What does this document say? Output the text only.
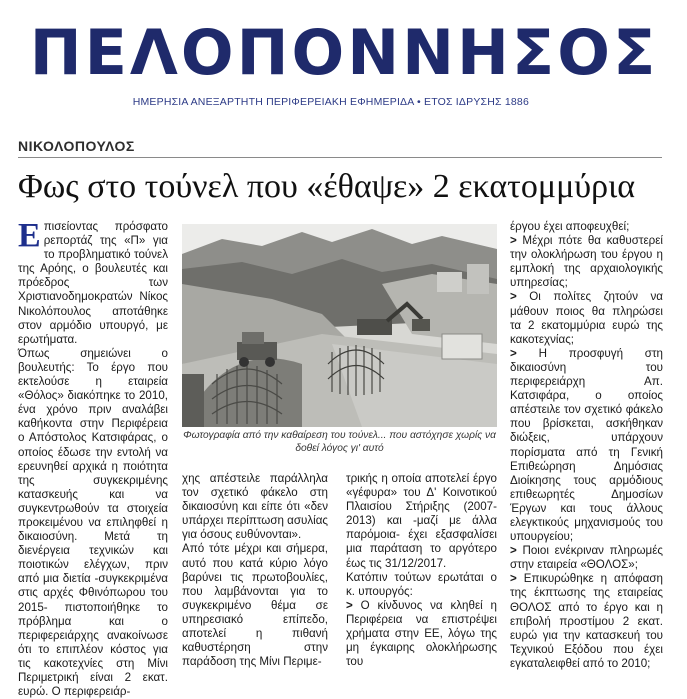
ΠΕΛΟΠΟΝΝΗΣΟΣ
ΗΜΕΡΗΣΙΑ ΑΝΕΞΑΡΤΗΤΗ ΠΕΡΙΦΕΡΕΙΑΚΗ ΕΦΗΜΕΡΙΔΑ • ΕΤΟΣ ΙΔΡΥΣΗΣ 1886
ΝΙΚΟΛΟΠΟΥΛΟΣ
Φως στο τούνελ που «έθαψε» 2 εκατομμύρια

Επισείοντας πρόσφατο ρεπορτάζ της «Π» για το προβληματικό τούνελ της Αρόης, ο βουλευτές και πρόεδρος των Χριστιανοδημοκρατών Νίκος Νικολόπουλος αποτάθηκε στον αρμόδιο υπουργό, με ερωτήματα.

Όπως σημειώνει ο βουλευτής: Το έργο που εκτελούσε η εταιρεία «Θόλος» διακόπηκε το 2010, ένα χρόνο πριν αναλάβει καθήκοντα στην Περιφέρεια ο Απόστολος Κατσιφάρας, ο οποίος έδωσε την εντολή να ερευνηθεί αρχικά η ποιότητα της συγκεκριμένης κατασκευής και να συγκεντρωθούν τα στοιχεία προκειμένου να επιληφθεί η δικαιοσύνη. Μετά τη διενέργεια τεχνικών και ποιοτικών ελέγχων, πριν από μια διετία -συγκεκριμένα στις αρχές Φθινόπωρου του 2015- πιστοποιήθηκε το πρόβλημα και ο περιφερειάρχης ανακοίνωσε ότι το επιπλέον κόστος για τις κακοτεχνίες στη Μίνι Περιμετρική είναι 2 εκατ. ευρώ. Ο περιφερειάρ-

Φωτογραφία από την καθαίρεση του τούνελ... που αστόχησε χωρίς να δοθεί λόγος γι' αυτό

χης απέστειλε παράλληλα τον σχετικό φάκελο στη δικαιοσύνη και είπε ότι «δεν υπάρχει περίπτωση ασυλίας για όσους ευθύνονται».

Από τότε μέχρι και σήμερα, αυτό που κατά κύριο λόγο βαρύνει τις πρωτοβουλίες, που λαμβάνονται για το συγκεκριμένο θέμα σε υπηρεσιακό επίπεδο, αποτελεί η πιθανή καθυστέρηση στην παράδοση της Μίνι Περιμε-

τρικής η οποία αποτελεί έργο «γέφυρα» του Δ' Κοινοτικού Πλαισίου Στήριξης (2007-2013) και -μαζί με άλλα παρόμοια- έχει εξασφαλίσει μια παράταση το αργότερο έως τις 31/12/2017.

Κατόπιν τούτων ερωτάται ο κ. υπουργός:

> Ο κίνδυνος να κληθεί η Περιφέρεια να επιστρέψει χρήματα στην ΕΕ, λόγω της μη έγκαιρης ολοκλήρωσης του

έργου έχει αποφευχθεί;

> Μέχρι πότε θα καθυστερεί την ολοκλήρωση του έργου η εμπλοκή της αρχαιολογικής υπηρεσίας;

> Οι πολίτες ζητούν να μάθουν ποιος θα πληρώσει τα 2 εκατομμύρια ευρώ της κακοτεχνίας;

> Η προσφυγή στη δικαιοσύνη του περιφερειάρχη Απ. Κατσιφάρα, ο οποίος απέστειλε τον σχετικό φάκελο που βρίσκεται, ασκήθηκαν διώξεις, υπάρχουν πορίσματα από τη Γενική Επιθεώρηση Δημόσιας Διοίκησης τους αρμόδιους επιθεωρητές Δημοσίων Έργων και τους άλλους ελεγκτικούς μηχανισμούς του υπουργείου;

> Ποιοι ενέκριναν πληρωμές στην εταιρεία «ΘΟΛΟΣ»;

> Επικυρώθηκε η απόφαση της έκπτωσης της εταιρείας ΘΟΛΟΣ από το έργο και η επιβολή προστίμου 2 εκατ. ευρώ για την κατασκευή του Τεχνικού Εξόδου που έχει εγκαταλειφθεί από το 2010;
